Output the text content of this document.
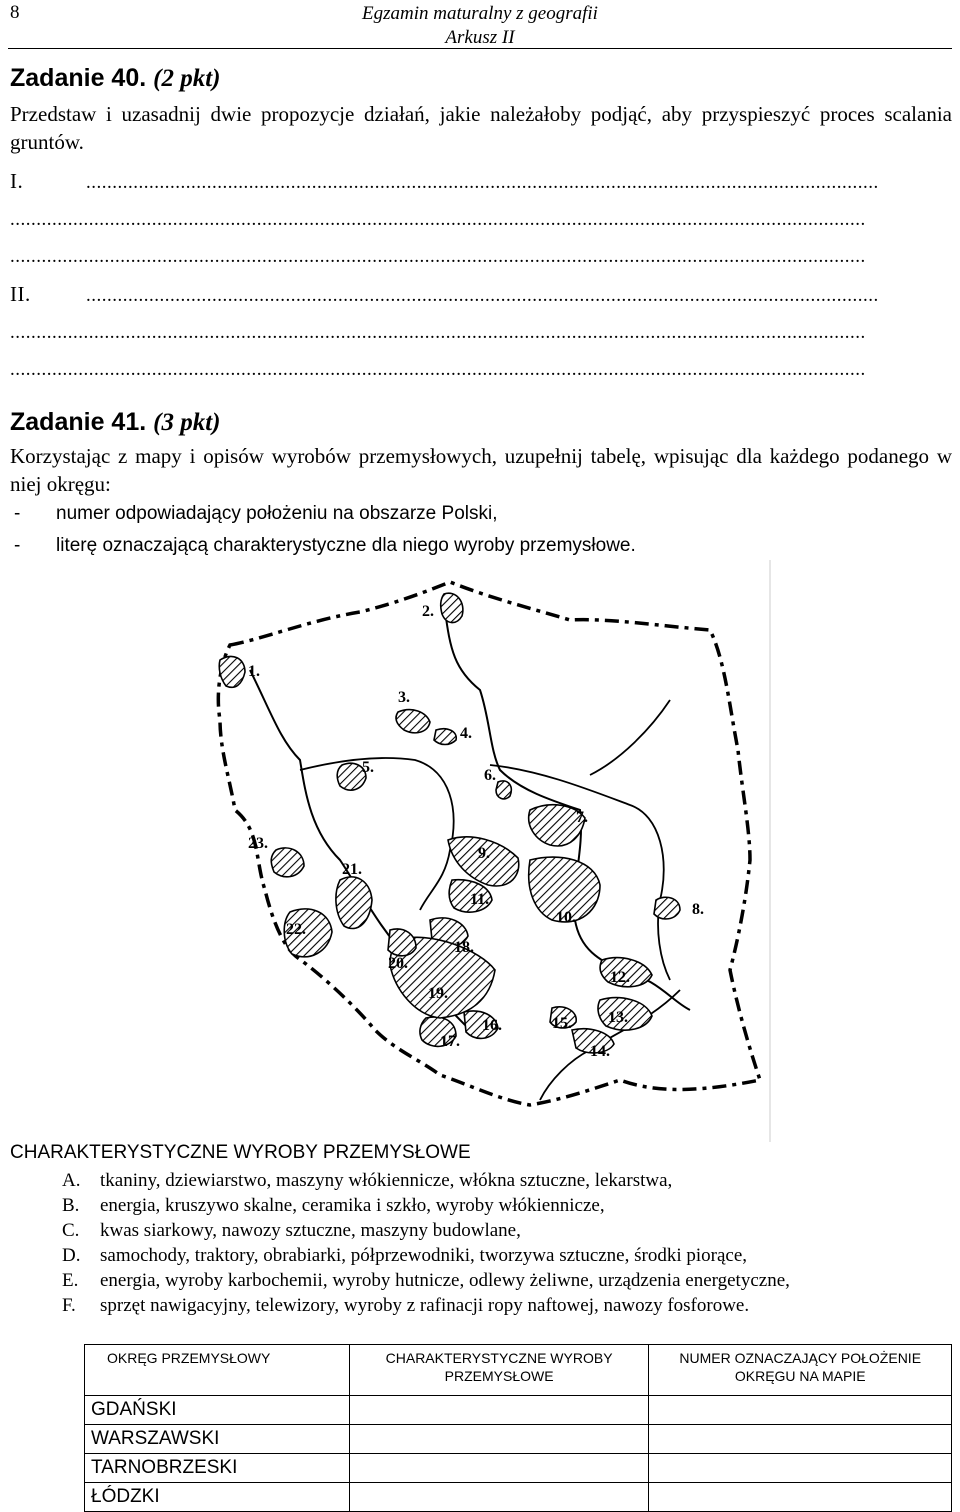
8	Egzamin maturalny z geografii
Arkusz II
Zadanie 40. (2 pkt)
Przedstaw i uzasadnij dwie propozycje działań, jakie należałoby podjąć, aby przyspieszyć proces scalania gruntów.
I.	.......................................................................................................................................................
...................................................................................................................................................................
...................................................................................................................................................................
II.	.......................................................................................................................................................
...................................................................................................................................................................
...................................................................................................................................................................
Zadanie 41. (3 pkt)
Korzystając z mapy i opisów wyrobów przemysłowych, uzupełnij tabelę, wpisując dla każdego podanego w niej okręgu:
-	numer odpowiadający położeniu na obszarze Polski,
-	literę oznaczającą charakterystyczne dla niego wyroby przemysłowe.
1.
2.
3.
4.
5.	6.
7.
8.
9.
10.
11.
12.
13.
14.
15.
16.
17.
18.
19.
20.
21.
22.
23.
CHARAKTERYSTYCZNE WYROBY PRZEMYSŁOWE
A.	tkaniny, dziewiarstwo, maszyny włókiennicze, włókna sztuczne, lekarstwa,
B.	energia, kruszywo skalne, ceramika i szkło, wyroby włókiennicze,
C.	kwas siarkowy, nawozy sztuczne, maszyny budowlane,
D.	samochody, traktory, obrabiarki, półprzewodniki, tworzywa sztuczne, środki piorące,
E.	energia, wyroby karbochemii, wyroby hutnicze, odlewy żeliwne, urządzenia energetyczne,
F.	sprzęt nawigacyjny, telewizory, wyroby z rafinacji ropy naftowej, nawozy fosforowe.
OKRĘG PRZEMYSŁOWY	CHARAKTERYSTYCZNE WYROBY PRZEMYSŁOWE	NUMER OZNACZAJĄCY POŁOŻENIE OKRĘGU NA MAPIE
GDAŃSKI		
WARSZAWSKI		
TARNOBRZESKI		
ŁÓDZKI		
